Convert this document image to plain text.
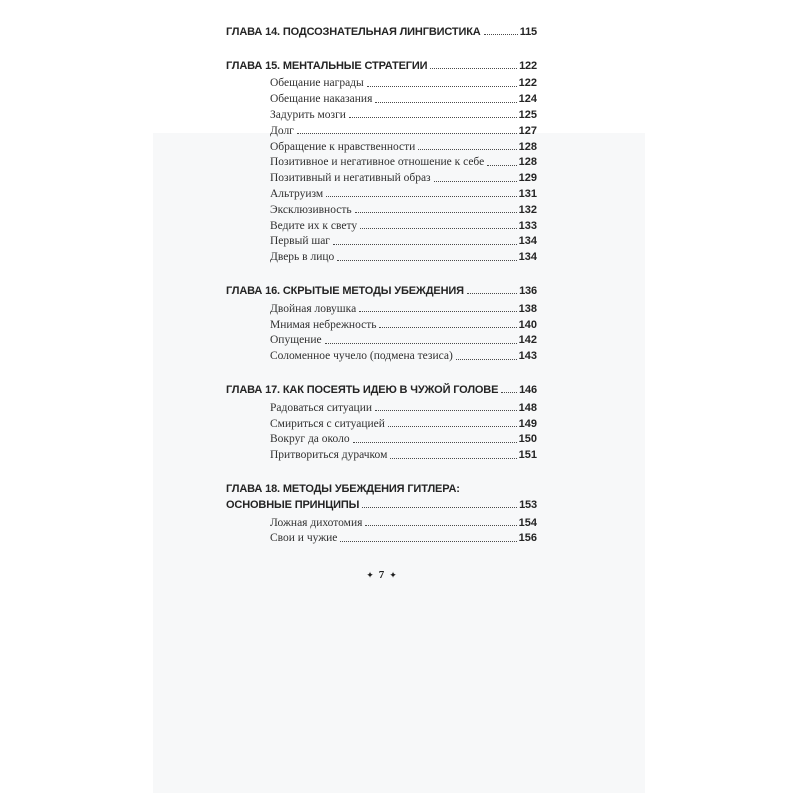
ГЛАВА 14. ПОДСОЗНАТЕЛЬНАЯ ЛИНГВИСТИКА	115
ГЛАВА 15. МЕНТАЛЬНЫЕ СТРАТЕГИИ	122
Обещание награды	122
Обещание наказания	124
Задурить мозги	125
Долг	127
Обращение к нравственности	128
Позитивное и негативное отношение к себе	128
Позитивный и негативный образ	129
Альтруизм	131
Эксклюзивность	132
Ведите их к свету	133
Первый шаг	134
Дверь в лицо	134
ГЛАВА 16. СКРЫТЫЕ МЕТОДЫ УБЕЖДЕНИЯ	136
Двойная ловушка	138
Мнимая небрежность	140
Опущение	142
Соломенное чучело (подмена тезиса)	143
ГЛАВА 17. КАК ПОСЕЯТЬ ИДЕЮ В ЧУЖОЙ ГОЛОВЕ 146
Радоваться ситуации	148
Смириться с ситуацией	149
Вокруг да около	150
Притвориться дурачком	151
ГЛАВА 18. МЕТОДЫ УБЕЖДЕНИЯ ГИТЛЕРА:
ОСНОВНЫЕ ПРИНЦИПЫ	153
Ложная дихотомия	154
Свои и чужие	156
✦ 7 ✦
